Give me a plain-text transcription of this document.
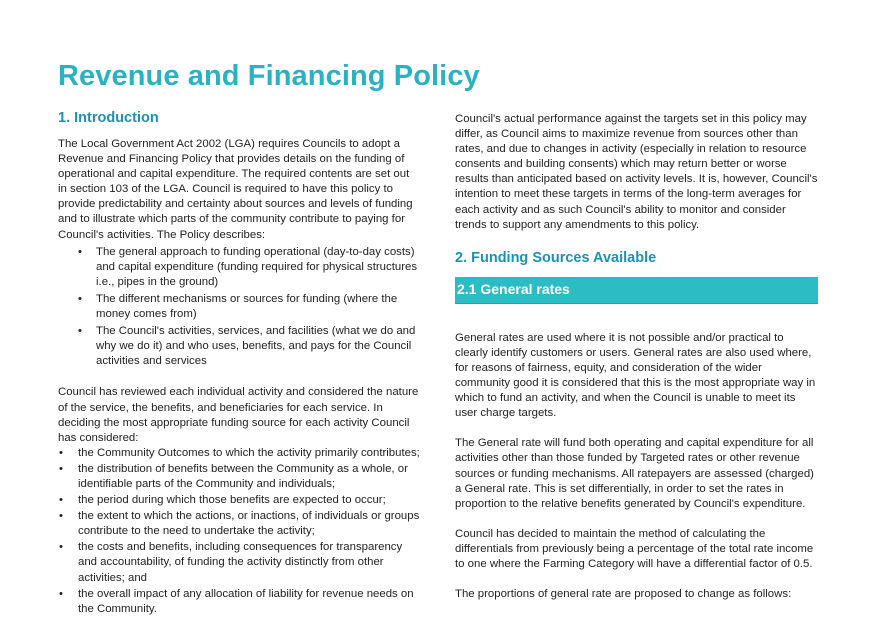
Revenue and Financing Policy
1. Introduction

The Local Government Act 2002 (LGA) requires Councils to adopt a Revenue and Financing Policy that provides details on the funding of operational and capital expenditure. The required contents are set out in section 103 of the LGA. Council is required to have this policy to provide predictability and certainty about sources and levels of funding and to illustrate which parts of the community contribute to paying for Council's activities. The Policy describes:

• The general approach to funding operational (day-to-day costs) and capital expenditure (funding required for physical structures i.e., pipes in the ground)
• The different mechanisms or sources for funding (where the money comes from)
• The Council's activities, services, and facilities (what we do and why we do it) and who uses, benefits, and pays for the Council activities and services

Council has reviewed each individual activity and considered the nature of the service, the benefits, and beneficiaries for each service. In deciding the most appropriate funding source for each activity Council has considered:

• the Community Outcomes to which the activity primarily contributes;
• the distribution of benefits between the Community as a whole, or identifiable parts of the Community and individuals;
• the period during which those benefits are expected to occur;
• the extent to which the actions, or inactions, of individuals or groups contribute to the need to undertake the activity;
• the costs and benefits, including consequences for transparency and accountability, of funding the activity distinctly from other activities; and
• the overall impact of any allocation of liability for revenue needs on the Community.

Council's actual performance against the targets set in this policy may differ, as Council aims to maximize revenue from sources other than rates, and due to changes in activity (especially in relation to resource consents and building consents) which may return better or worse results than anticipated based on activity levels. It is, however, Council's intention to meet these targets in terms of the long-term averages for each activity and as such Council's ability to monitor and consider trends to support any amendments to this policy.

2. Funding Sources Available
2.1 General rates

General rates are used where it is not possible and/or practical to clearly identify customers or users. General rates are also used where, for reasons of fairness, equity, and consideration of the wider community good it is considered that this is the most appropriate way in which to fund an activity, and when the Council is unable to meet its user charge targets.

The General rate will fund both operating and capital expenditure for all activities other than those funded by Targeted rates or other revenue sources or funding mechanisms. All ratepayers are assessed (charged) a General rate. This is set differentially, in order to set the rates in proportion to the relative benefits generated by Council's expenditure.

Council has decided to maintain the method of calculating the differentials from previously being a percentage of the total rate income to one where the Farming Category will have a differential factor of 0.5.

The proportions of general rate are proposed to change as follows:
